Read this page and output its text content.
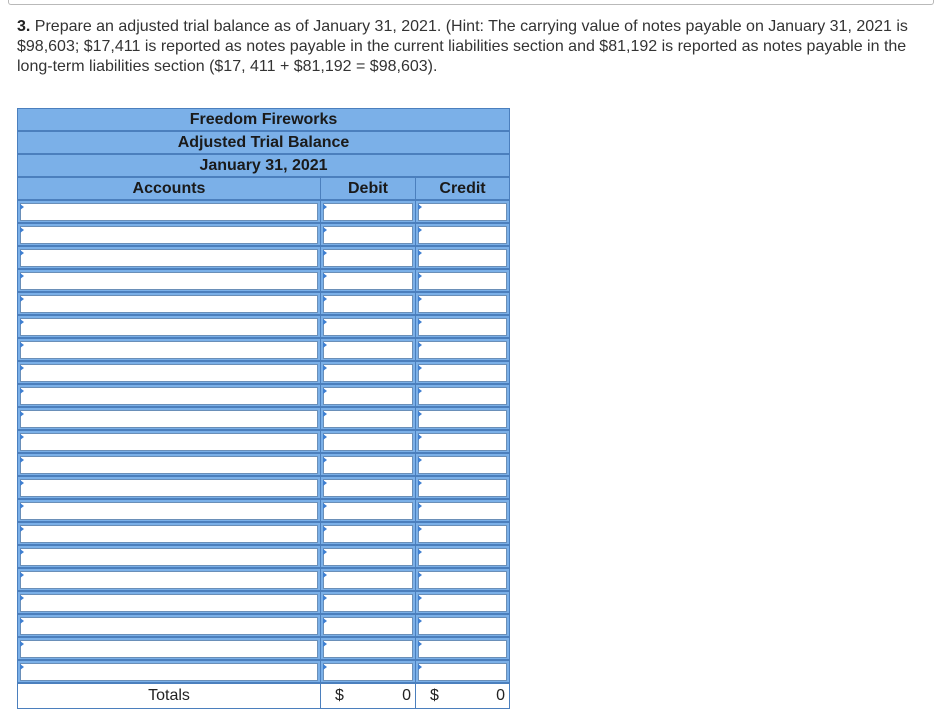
3. Prepare an adjusted trial balance as of January 31, 2021. (Hint: The carrying value of notes payable on January 31, 2021 is $98,603; $17,411 is reported as notes payable in the current liabilities section and $81,192 is reported as notes payable in the long-term liabilities section ($17, 411 + $81,192 = $98,603).
Freedom Fireworks		
Adjusted Trial Balance		
January 31, 2021		
Accounts	Debit	Credit

Totals	$ 0	$ 0
